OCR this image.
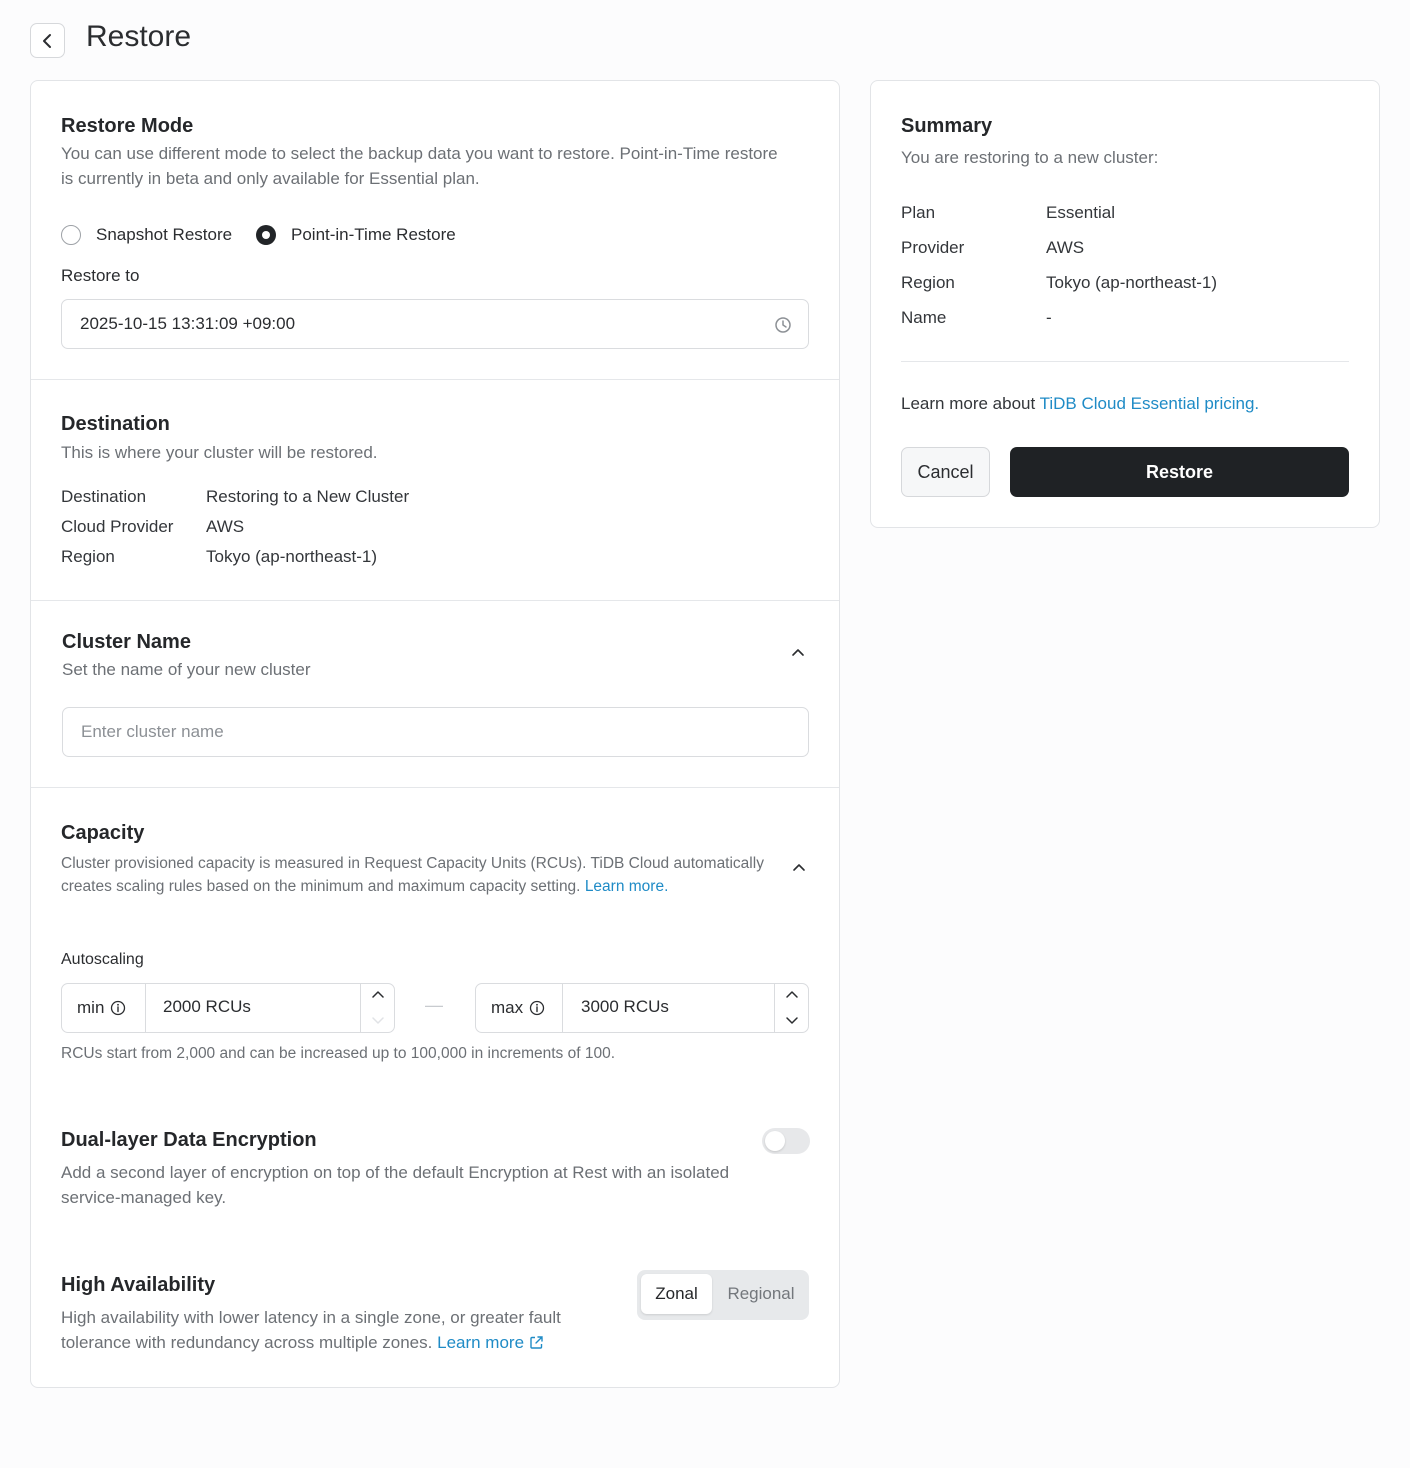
Restore
Restore Mode
You can use different mode to select the backup data you want to restore. Point-in-Time restore is currently in beta and only available for Essential plan.
Snapshot Restore	Point-in-Time Restore
Restore to
2025-10-15 13:31:09 +09:00
Destination
This is where your cluster will be restored.
Destination	Restoring to a New Cluster
Cloud Provider AWS
Region	Tokyo (ap-northeast-1)
Cluster Name
Set the name of your new cluster
Enter cluster name
Capacity
Cluster provisioned capacity is measured in Request Capacity Units (RCUs). TiDB Cloud automatically creates scaling rules based on the minimum and maximum capacity setting. Learn more.
Autoscaling
min	2000 RCUs	—	max	3000 RCUs
RCUs start from 2,000 and can be increased up to 100,000 in increments of 100.
Dual-layer Data Encryption
Add a second layer of encryption on top of the default Encryption at Rest with an isolated service-managed key.
High Availability
High availability with lower latency in a single zone, or greater fault tolerance with redundancy across multiple zones. Learn more
Zonal	Regional
Summary
You are restoring to a new cluster:
Plan	Essential
Provider	AWS
Region	Tokyo (ap-northeast-1)
Name	-
Learn more about TiDB Cloud Essential pricing.
Cancel	Restore
